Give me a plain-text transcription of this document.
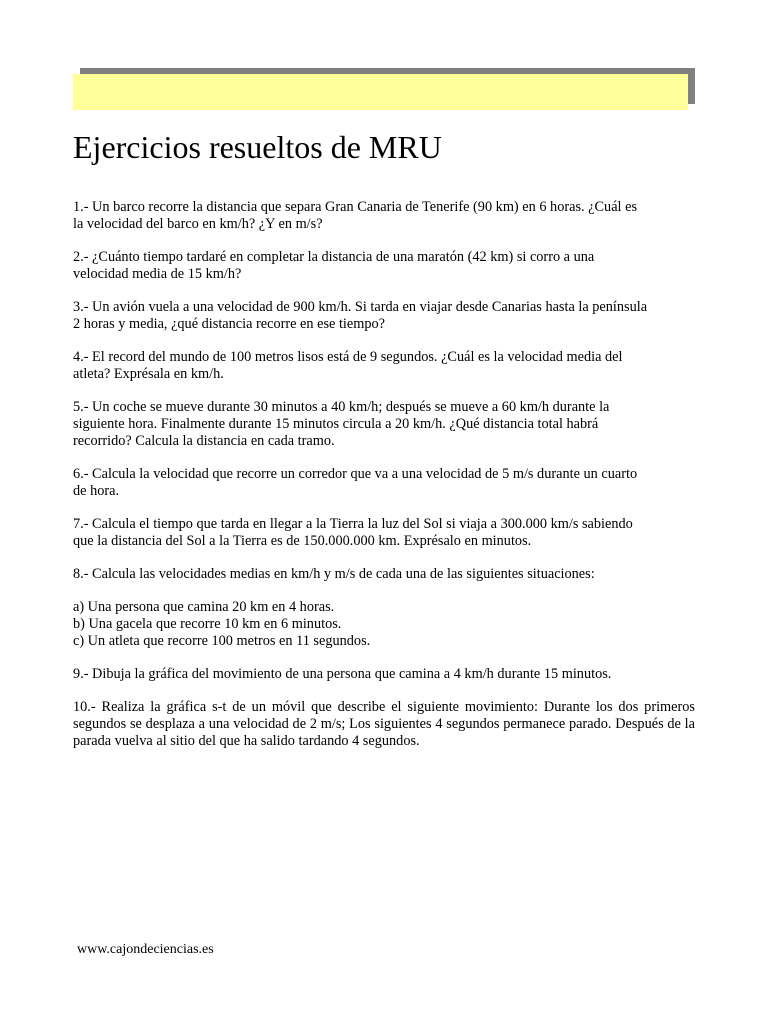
Ejercicios resueltos de MRU

1.- Un barco recorre la distancia que separa Gran Canaria de Tenerife (90 km) en 6 horas. ¿Cuál es
la velocidad del barco en km/h? ¿Y en m/s?

2.- ¿Cuánto tiempo tardaré en completar la distancia de una maratón (42 km) si corro a una
velocidad media de 15 km/h?

3.- Un avión vuela a una velocidad de 900 km/h. Si tarda en viajar desde Canarias hasta la península
2 horas y media, ¿qué distancia recorre en ese tiempo?

4.- El record del mundo de 100 metros lisos está de 9 segundos. ¿Cuál es la velocidad media del
atleta? Exprésala en km/h.

5.- Un coche se mueve durante 30 minutos a 40 km/h; después se mueve a 60 km/h durante la
siguiente hora. Finalmente durante 15 minutos circula a 20 km/h. ¿Qué distancia total habrá
recorrido? Calcula la distancia en cada tramo.

6.- Calcula la velocidad que recorre un corredor que va a una velocidad de 5 m/s durante un cuarto
de hora.

7.- Calcula el tiempo que tarda en llegar a la Tierra la luz del Sol si viaja a 300.000 km/s sabiendo
que la distancia del Sol a la Tierra es de 150.000.000 km. Exprésalo en minutos.

8.- Calcula las velocidades medias en km/h y m/s de cada una de las siguientes situaciones:

a) Una persona que camina 20 km en 4 horas.
b) Una gacela que recorre 10 km en 6 minutos.
c) Un atleta que recorre 100 metros en 11 segundos.

9.- Dibuja la gráfica del movimiento de una persona que camina a 4 km/h durante 15 minutos.

10.- Realiza la gráfica s-t de un móvil que describe el siguiente movimiento: Durante los dos primeros segundos se desplaza a una velocidad de 2 m/s; Los siguientes 4 segundos permanece parado. Después de la parada vuelva al sitio del que ha salido tardando 4 segundos.

www.cajondeciencias.es
